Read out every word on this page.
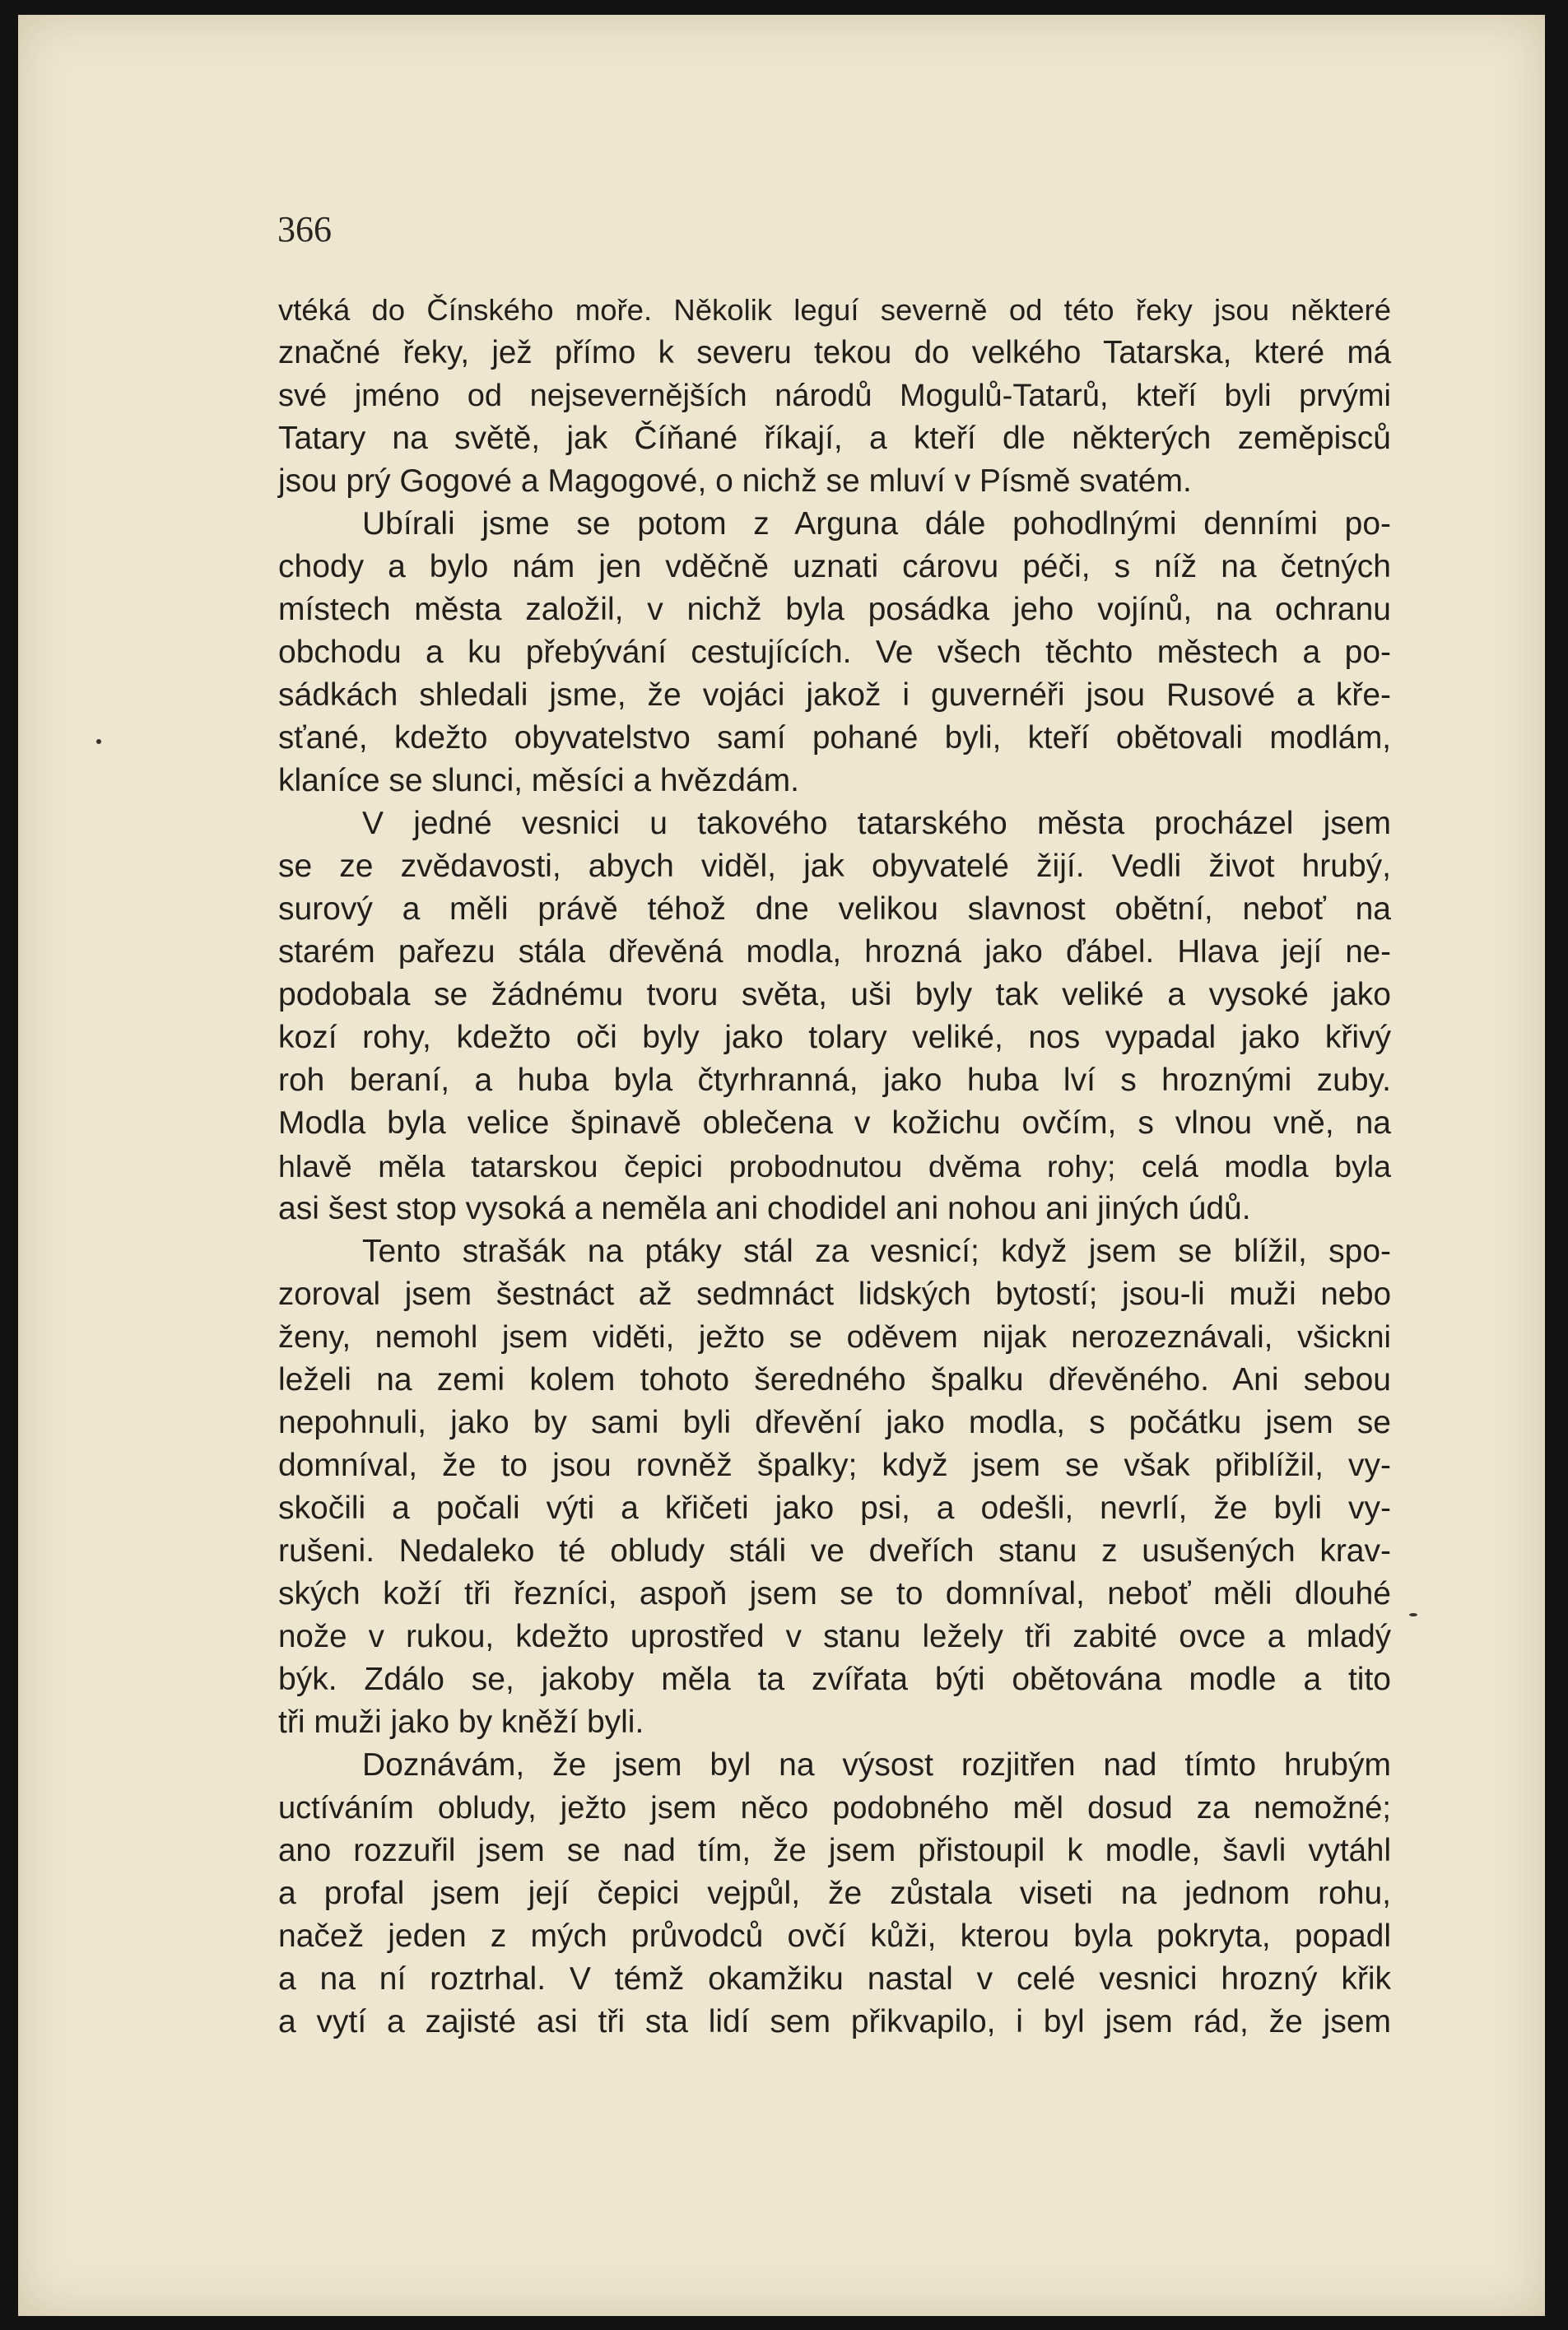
366
vtéká do Čínského moře. Několik leguí severně od této řeky jsou některé
značné řeky, jež přímo k severu tekou do velkého Tatarska, které má
své jméno od nejsevernějších národů Mogulů-Tatarů, kteří byli prvými
Tatary na světě, jak Číňané říkají, a kteří dle některých zeměpisců
jsou prý Gogové a Magogové, o nichž se mluví v Písmě svatém.
Ubírali jsme se potom z Arguna dále pohodlnými denními po-
chody a bylo nám jen vděčně uznati cárovu péči, s níž na četných
místech města založil, v nichž byla posádka jeho vojínů, na ochranu
obchodu a ku přebývání cestujících. Ve všech těchto městech a po-
sádkách shledali jsme, že vojáci jakož i guvernéři jsou Rusové a kře-
sťané, kdežto obyvatelstvo samí pohané byli, kteří obětovali modlám,
klaníce se slunci, měsíci a hvězdám.
V jedné vesnici u takového tatarského města procházel jsem
se ze zvědavosti, abych viděl, jak obyvatelé žijí. Vedli život hrubý,
surový a měli právě téhož dne velikou slavnost obětní, neboť na
starém pařezu stála dřevěná modla, hrozná jako ďábel. Hlava její ne-
podobala se žádnému tvoru světa, uši byly tak veliké a vysoké jako
kozí rohy, kdežto oči byly jako tolary veliké, nos vypadal jako křivý
roh beraní, a huba byla čtyrhranná, jako huba lví s hroznými zuby.
Modla byla velice špinavě oblečena v kožichu ovčím, s vlnou vně, na
hlavě měla tatarskou čepici probodnutou dvěma rohy; celá modla byla
asi šest stop vysoká a neměla ani chodidel ani nohou ani jiných údů.
Tento strašák na ptáky stál za vesnicí; když jsem se blížil, spo-
zoroval jsem šestnáct až sedmnáct lidských bytostí; jsou-li muži nebo
ženy, nemohl jsem viděti, ježto se oděvem nijak nerozeznávali, všickni
leželi na zemi kolem tohoto šeredného špalku dřevěného. Ani sebou
nepohnuli, jako by sami byli dřevění jako modla, s počátku jsem se
domníval, že to jsou rovněž špalky; když jsem se však přiblížil, vy-
skočili a počali výti a křičeti jako psi, a odešli, nevrlí, že byli vy-
rušeni. Nedaleko té obludy stáli ve dveřích stanu z usušených krav-
ských koží tři řezníci, aspoň jsem se to domníval, neboť měli dlouhé
nože v rukou, kdežto uprostřed v stanu ležely tři zabité ovce a mladý
býk. Zdálo se, jakoby měla ta zvířata býti obětována modle a tito
tři muži jako by kněží byli.
Doznávám, že jsem byl na výsost rozjitřen nad tímto hrubým
uctíváním obludy, ježto jsem něco podobného měl dosud za nemožné;
ano rozzuřil jsem se nad tím, že jsem přistoupil k modle, šavli vytáhl
a profal jsem její čepici vejpůl, že zůstala viseti na jednom rohu,
načež jeden z mých průvodců ovčí kůži, kterou byla pokryta, popadl
a na ní roztrhal. V témž okamžiku nastal v celé vesnici hrozný křik
a vytí a zajisté asi tři sta lidí sem přikvapilo, i byl jsem rád, že jsem
